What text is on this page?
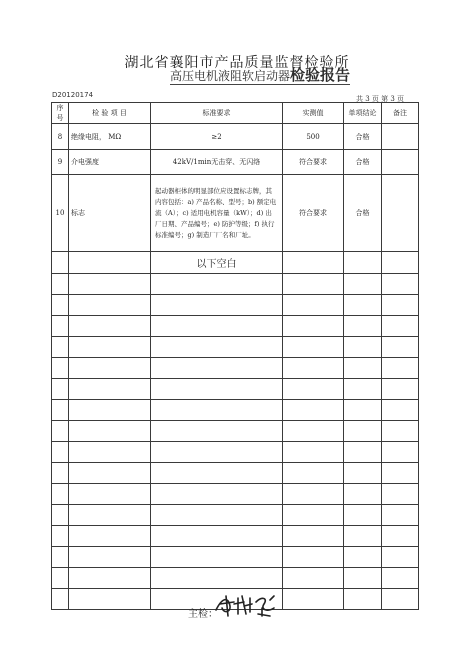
湖北省襄阳市产品质量监督检验所
高压电机液阻软启动器检验报告
D20120174	共 3 页 第 3 页
序号	检 验 项 目	标准要求	实测值	单项结论	备注
8	绝缘电阻， MΩ	≥2	500	合格	
9	介电强度	42kV/1min无击穿、无闪络	符合要求	合格	
10	标志	起动器柜体的明显部位应设置标志牌，其内容包括：a) 产品名称、型号；b) 额定电流（A）；c) 适用电机容量（kW）；d) 出厂日期、产品编号；e) 防护等级；f) 执行标准编号；g) 制造厂厂名和厂址。	符合要求	合格	
		以下空白			

主检：
